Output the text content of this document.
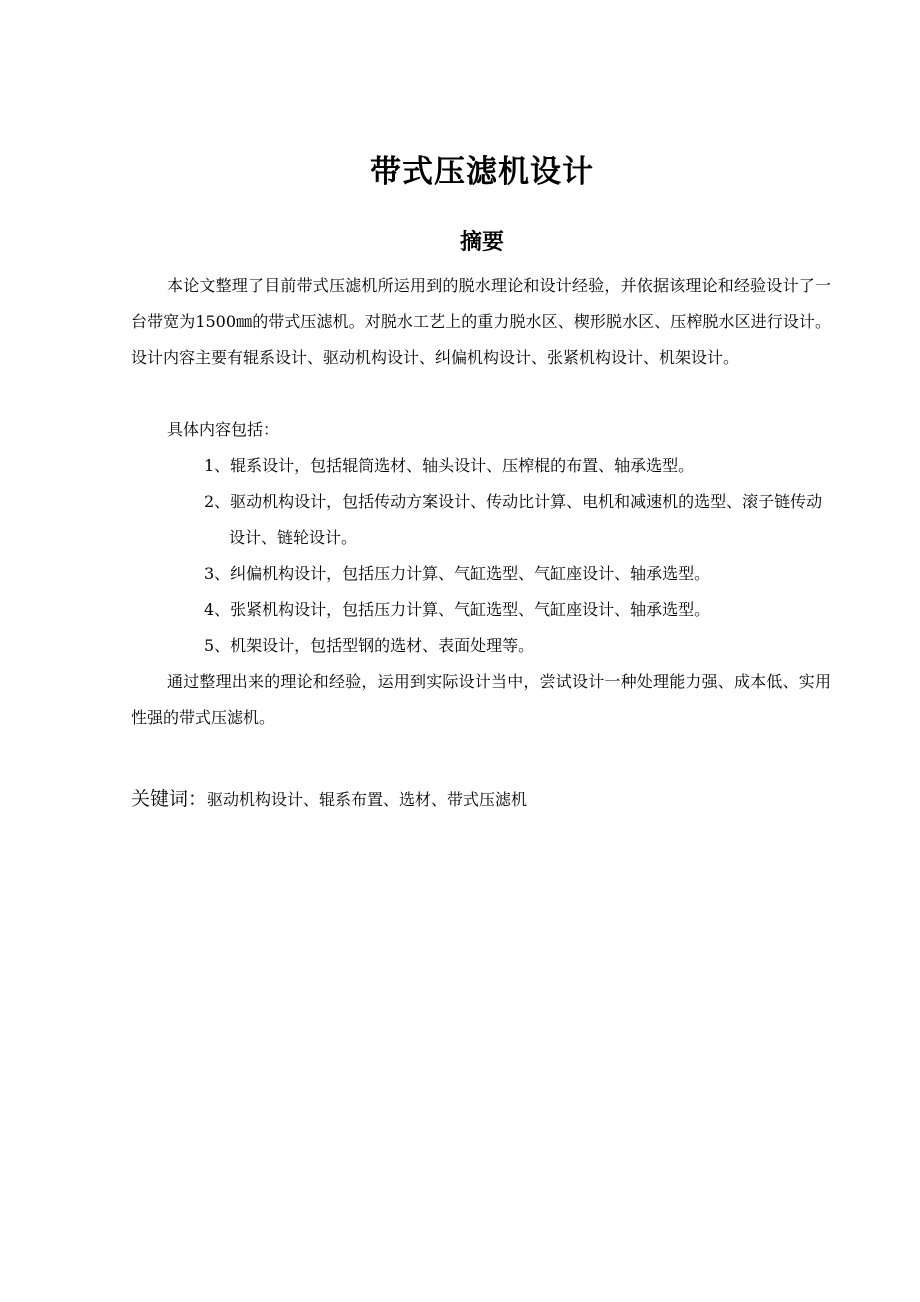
带式压滤机设计
摘要
本论文整理了目前带式压滤机所运用到的脱水理论和设计经验，并依据该理论和经验设计了一台带宽为1500㎜的带式压滤机。对脱水工艺上的重力脱水区、楔形脱水区、压榨脱水区进行设计。设计内容主要有辊系设计、驱动机构设计、纠偏机构设计、张紧机构设计、机架设计。
具体内容包括：
1、辊系设计，包括辊筒选材、轴头设计、压榨棍的布置、轴承选型。
2、驱动机构设计，包括传动方案设计、传动比计算、电机和减速机的选型、滚子链传动设计、链轮设计。
3、纠偏机构设计，包括压力计算、气缸选型、气缸座设计、轴承选型。
4、张紧机构设计，包括压力计算、气缸选型、气缸座设计、轴承选型。
5、机架设计，包括型钢的选材、表面处理等。
通过整理出来的理论和经验，运用到实际设计当中，尝试设计一种处理能力强、成本低、实用性强的带式压滤机。
关键词：驱动机构设计、辊系布置、选材、带式压滤机
